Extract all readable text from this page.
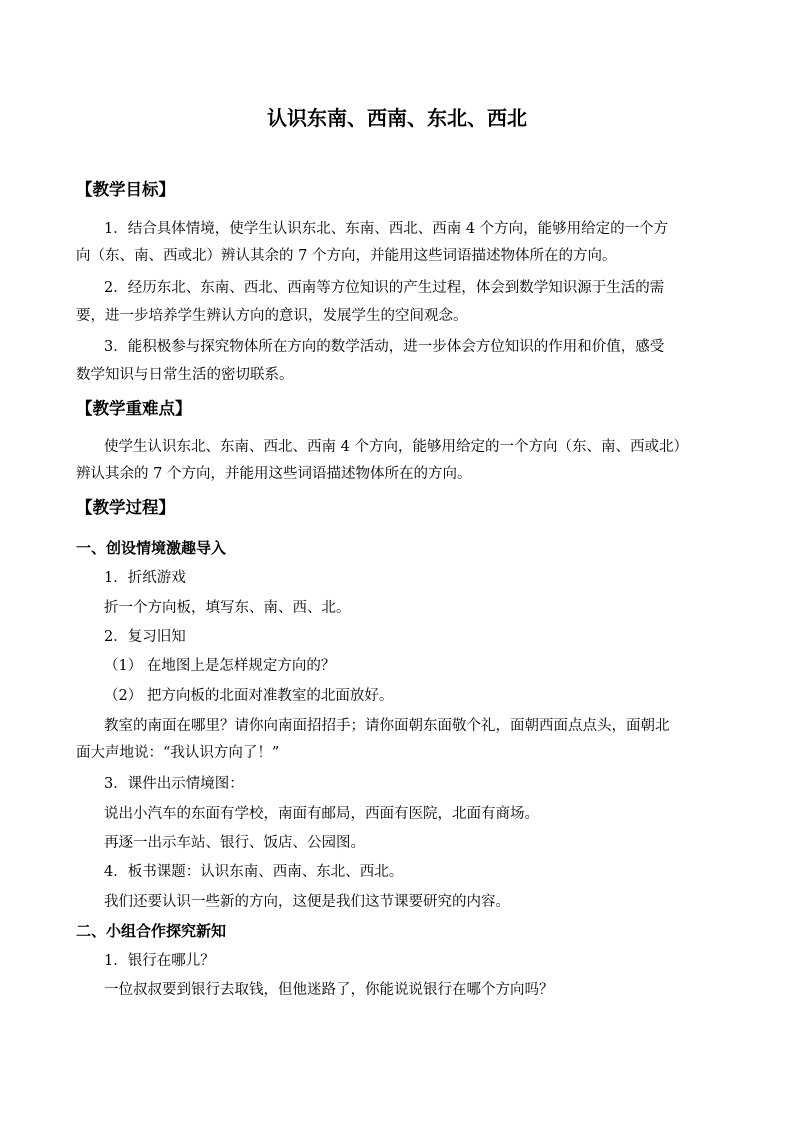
认识东南、西南、东北、西北
【教学目标】
1．结合具体情境，使学生认识东北、东南、西北、西南 4 个方向，能够用给定的一个方
向（东、南、西或北）辨认其余的 7 个方向，并能用这些词语描述物体所在的方向。
2．经历东北、东南、西北、西南等方位知识的产生过程，体会到数学知识源于生活的需
要，进一步培养学生辨认方向的意识，发展学生的空间观念。
3．能积极参与探究物体所在方向的数学活动，进一步体会方位知识的作用和价值，感受
数学知识与日常生活的密切联系。
【教学重难点】
使学生认识东北、东南、西北、西南 4 个方向，能够用给定的一个方向（东、南、西或北）
辨认其余的 7 个方向，并能用这些词语描述物体所在的方向。
【教学过程】
一、创设情境激趣导入
1．折纸游戏
折一个方向板，填写东、南、西、北。
2．复习旧知
（1） 在地图上是怎样规定方向的？
（2） 把方向板的北面对准教室的北面放好。
教室的南面在哪里？请你向南面招招手；请你面朝东面敬个礼，面朝西面点点头，面朝北
面大声地说：“我认识方向了！”
3．课件出示情境图：
说出小汽车的东面有学校，南面有邮局，西面有医院，北面有商场。
再逐一出示车站、银行、饭店、公园图。
4．板书课题：认识东南、西南、东北、西北。
我们还要认识一些新的方向，这便是我们这节课要研究的内容。
二、小组合作探究新知
1．银行在哪儿？
一位叔叔要到银行去取钱，但他迷路了，你能说说银行在哪个方向吗？
